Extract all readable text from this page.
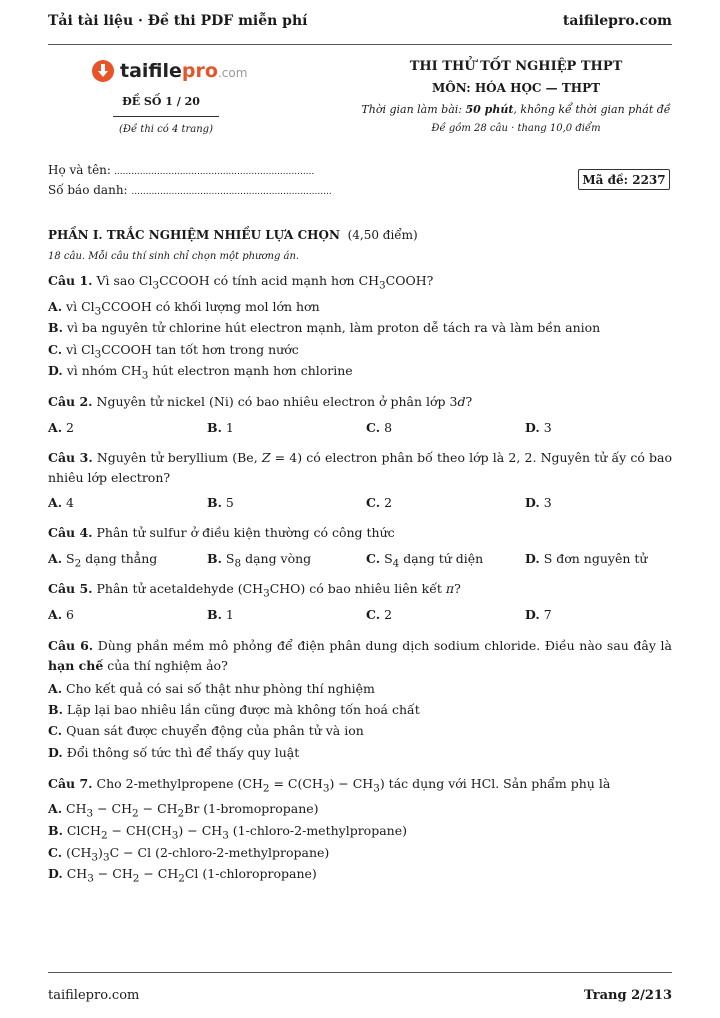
Tải tài liệu · Đề thi PDF miễn phí	taifilepro.com
taifilepro.com
ĐỀ SỐ 1 / 20
(Đề thi có 4 trang)
THI THỬ TỐT NGHIỆP THPT
MÔN: HÓA HỌC — THPT
Thời gian làm bài: 50 phút, không kể thời gian phát đề
Đề gồm 28 câu · thang 10,0 điểm
Họ và tên: ......................................................................
Số báo danh: ......................................................................
Mã đề: 2237
PHẦN I. TRẮC NGHIỆM NHIỀU LỰA CHỌN (4,50 điểm)
18 câu. Mỗi câu thí sinh chỉ chọn một phương án.
Câu 1. Vì sao $Cl_3CCOOH$ có tính acid mạnh hơn $CH_3COOH$?
A. vì $Cl_3CCOOH$ có khối lượng mol lớn hơn
B. vì ba nguyên tử chlorine hút electron mạnh, làm proton dễ tách ra và làm bền anion
C. vì $Cl_3CCOOH$ tan tốt hơn trong nước
D. vì nhóm $CH_3$ hút electron mạnh hơn chlorine
Câu 2. Nguyên tử nickel (Ni) có bao nhiêu electron ở phân lớp 3d?
A. 2	B. 1	C. 8	D. 3
Câu 3. Nguyên tử beryllium (Be, Z = 4) có electron phân bố theo lớp là 2, 2. Nguyên tử ấy có bao nhiêu lớp electron?
A. 4	B. 5	C. 2	D. 3
Câu 4. Phân tử sulfur ở điều kiện thường có công thức
A. $S_2$ dạng thẳng	B. $S_8$ dạng vòng	C. $S_4$ dạng tứ diện	D. S đơn nguyên tử
Câu 5. Phân tử acetaldehyde $(CH_3CHO)$ có bao nhiêu liên kết π?
A. 6	B. 1	C. 2	D. 7
Câu 6. Dùng phần mềm mô phỏng để điện phân dung dịch sodium chloride. Điều nào sau đây là hạn chế của thí nghiệm ảo?
A. Cho kết quả có sai số thật như phòng thí nghiệm
B. Lặp lại bao nhiêu lần cũng được mà không tốn hoá chất
C. Quan sát được chuyển động của phân tử và ion
D. Đổi thông số tức thì để thấy quy luật
Câu 7. Cho 2-methylpropene $(CH_2 = C(CH_3) - CH_3)$ tác dụng với HCl. Sản phẩm phụ là
A. $CH_3 - CH_2 - CH_2Br$ (1-bromopropane)
B. ClCH$_2$ − $CH(CH_3) - CH_3$ (1-chloro-2-methylpropane)
C. $(CH_3)_3C - Cl$ (2-chloro-2-methylpropane)
D. $CH_3 - CH_2 - CH_2Cl$ (1-chloropropane)
taifilepro.com	Trang 2/213
